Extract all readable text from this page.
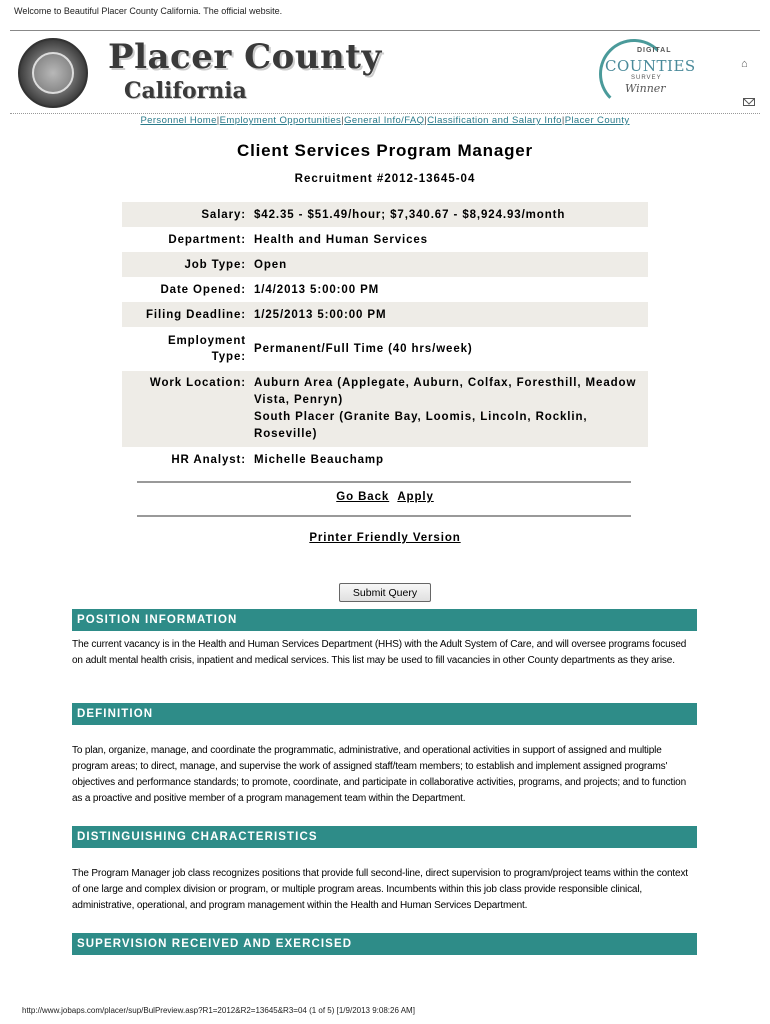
Welcome to Beautiful Placer County California. The official website.
Placer County
California
DIGITAL
COUNTIES
SURVEY
Winner
⌂
Personnel Home|Employment Opportunities|General Info/FAQ|Classification and Salary Info|Placer County
Client Services Program Manager
Recruitment #2012-13645-04
Salary: $42.35 - $51.49/hour; $7,340.67 - $8,924.93/month
Department: Health and Human Services
Job Type: Open
Date Opened: 1/4/2013 5:00:00 PM
Filing Deadline: 1/25/2013 5:00:00 PM
Employment
Type:
Permanent/Full Time (40 hrs/week)
Work Location: Auburn Area (Applegate, Auburn, Colfax, Foresthill, Meadow Vista, Penryn)
South Placer (Granite Bay, Loomis, Lincoln, Rocklin, Roseville)
HR Analyst: Michelle Beauchamp
Go Back Apply
Printer Friendly Version
Submit Query
POSITION INFORMATION
The current vacancy is in the Health and Human Services Department (HHS) with the Adult System of Care, and will oversee programs focused on adult mental health crisis, inpatient and medical services. This list may be used to fill vacancies in other County departments as they arise.
DEFINITION
To plan, organize, manage, and coordinate the programmatic, administrative, and operational activities in support of assigned and multiple program areas; to direct, manage, and supervise the work of assigned staff/team members; to establish and implement assigned programs' objectives and performance standards; to promote, coordinate, and participate in collaborative activities, programs, and projects; and to function as a proactive and positive member of a program management team within the Department.
DISTINGUISHING CHARACTERISTICS
The Program Manager job class recognizes positions that provide full second-line, direct supervision to program/project teams within the context of one large and complex division or program, or multiple program areas. Incumbents within this job class provide responsible clinical, administrative, operational, and program management within the Health and Human Services Department.
SUPERVISION RECEIVED AND EXERCISED
http://www.jobaps.com/placer/sup/BulPreview.asp?R1=2012&R2=13645&R3=04 (1 of 5) [1/9/2013 9:08:26 AM]
